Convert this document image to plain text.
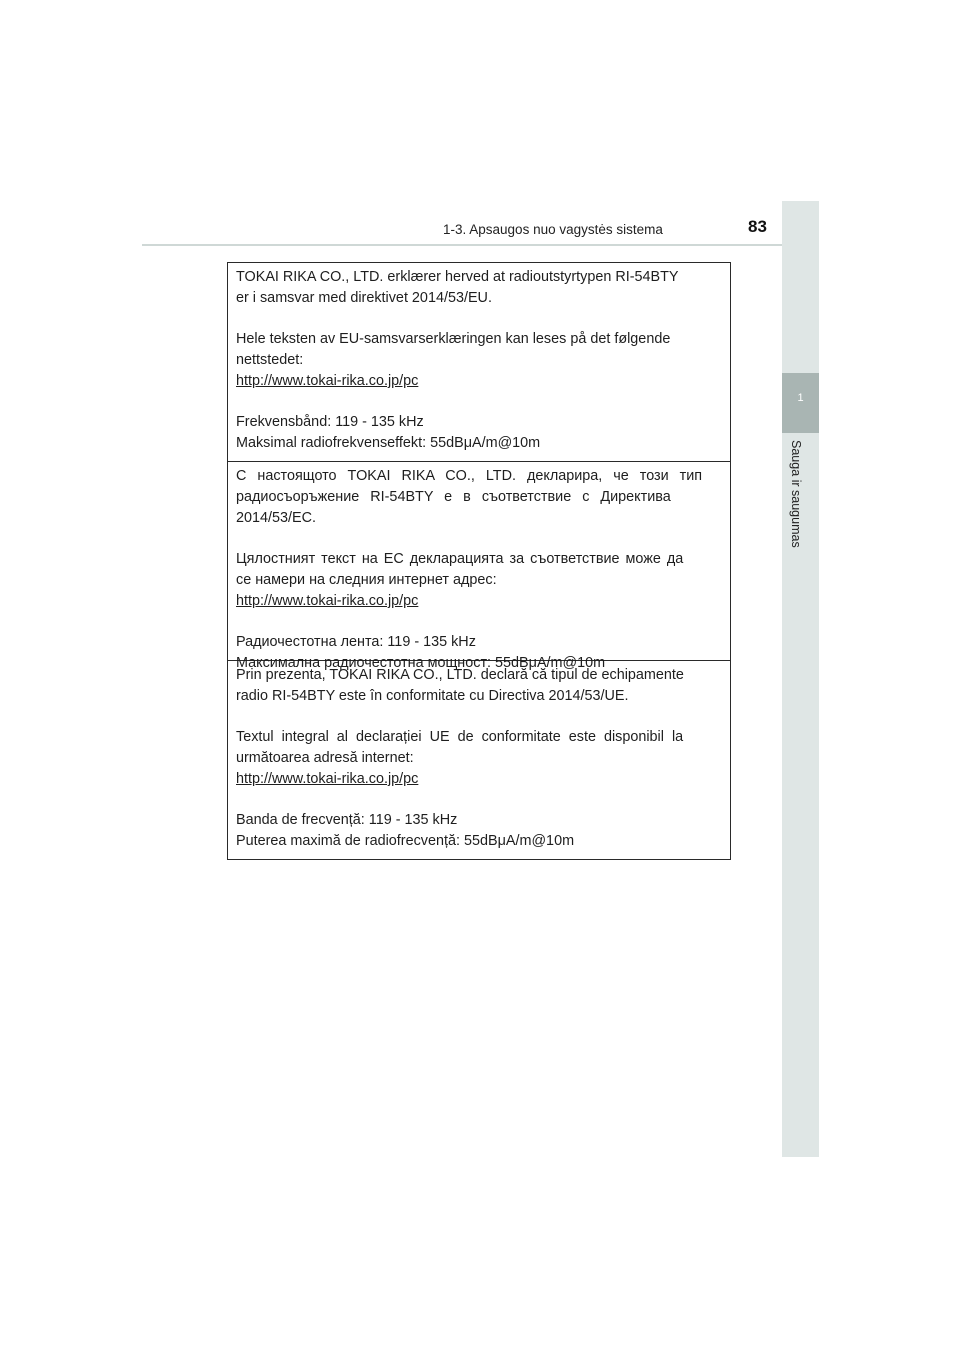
1-3. Apsaugos nuo vagystės sistema	83
1
Sauga ir saugumas

TOKAI RIKA CO., LTD. erklærer herved at radioutstyrtypen RI-54BTY

er i samsvar med direktivet 2014/53/EU.

Hele teksten av EU-samsvarserklæringen kan leses på det følgende

nettstedet:

http://www.tokai-rika.co.jp/pc

Frekvensbånd: 119 - 135 kHz

Maksimal radiofrekvenseffekt: 55dBμA/m@10m

С настоящото TOKAI RIKA CO., LTD. декларира, че този тип

радиосъоръжение RI-54BTY е в съответствие с Директива

2014/53/ЕС.

Цялостният текст на ЕС декларацията за съответствие може да

се намери на следния интернет адрес:

http://www.tokai-rika.co.jp/pc

Радиочестотна лента: 119 - 135 kHz

Максимална радиочестотна мощност: 55dBμA/m@10m

Prin prezenta, TOKAI RIKA CO., LTD. declară că tipul de echipamente

radio RI-54BTY este în conformitate cu Directiva 2014/53/UE.

Textul integral al declarației UE de conformitate este disponibil la

următoarea adresă internet:

http://www.tokai-rika.co.jp/pc

Banda de frecvență: 119 - 135 kHz

Puterea maximă de radiofrecvență: 55dBμA/m@10m
